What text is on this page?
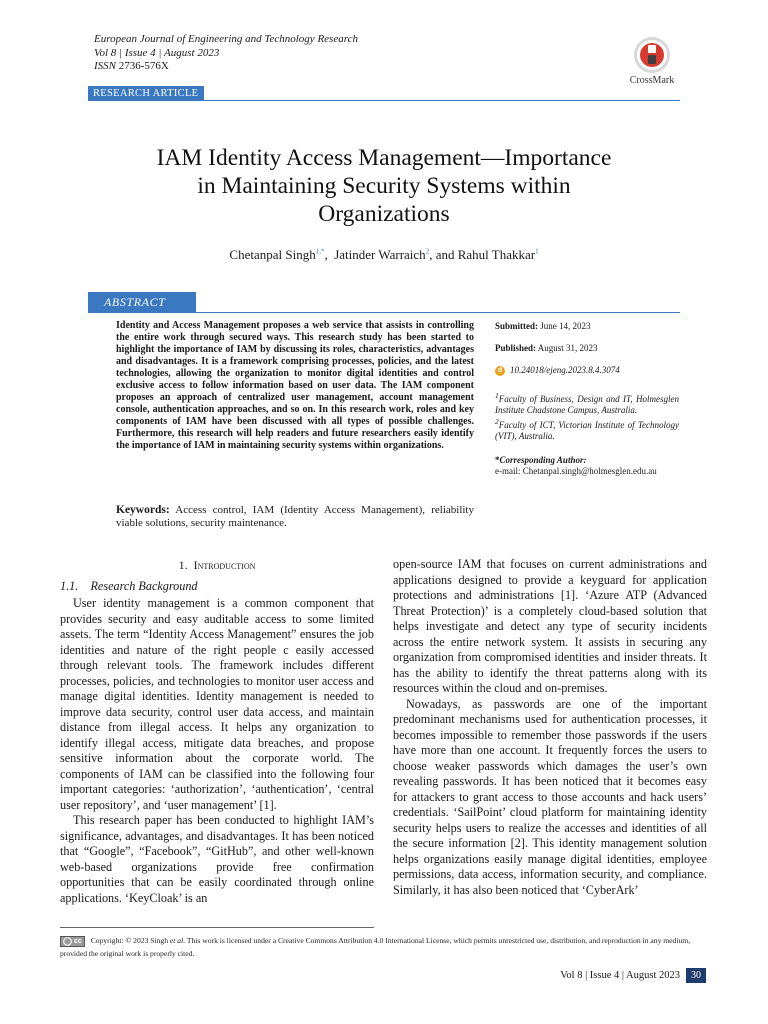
European Journal of Engineering and Technology Research
Vol 8 | Issue 4 | August 2023
ISSN 2736-576X
CrossMark
RESEARCH ARTICLE
IAM Identity Access Management—Importance
in Maintaining Security Systems within
Organizations
Chetanpal Singh$^{1,*}$,  Jatinder Warraich$^2$, and Rahul Thakkar$^1$
ABSTRACT
Identity and Access Management proposes a web service that assists in controlling the entire work through secured ways. This research study has been started to highlight the importance of IAM by discussing its roles, characteristics, advantages and disadvantages. It is a framework comprising processes, policies, and the latest technologies, allowing the organization to monitor digital identities and control exclusive access to follow information based on user data. The IAM component proposes an approach of centralized user management, account management console, authentication approaches, and so on. In this research work, roles and key components of IAM have been discussed with all types of possible challenges. Furthermore, this research will help readers and future researchers easily identify the importance of IAM in maintaining security systems within organizations.
Keywords: Access control, IAM (Identity Access Management), reliability viable solutions, security maintenance.
Submitted: June 14, 2023
Published: August 31, 2023
d 10.24018/ejeng.2023.8.4.3074
$^1$Faculty of Business, Design and IT, Holmesglen Institute Chadstone Campus, Australia.
$^2$Faculty of ICT, Victorian Institute of Technology (VIT), Australia.
*Corresponding Author:
e-mail: Chetanpal.singh@holmesglen.edu.au
1. Introduction
1.1. Research Background

User identity management is a common component that provides security and easy auditable access to some limited assets. The term “Identity Access Management” ensures the job identities and nature of the right people c easily accessed through relevant tools. The framework includes different processes, policies, and technologies to monitor user access and manage digital identities. Identity management is needed to improve data security, control user data access, and maintain distance from illegal access. It helps any organization to identify illegal access, mitigate data breaches, and propose sensitive information about the corporate world. The components of IAM can be classified into the following four important categories: ‘authorization’, ‘authentication’, ‘central user repository’, and ‘user management’ [1].

This research paper has been conducted to highlight IAM’s significance, advantages, and disadvantages. It has been noticed that “Google”, “Facebook”, “GitHub”, and other well-known web-based organizations provide free confirmation opportunities that can be easily coordinated through online applications. ‘KeyCloak’ is an

open-source IAM that focuses on current administrations and applications designed to provide a keyguard for application protections and administrations [1]. ‘Azure ATP (Advanced Threat Protection)’ is a completely cloud-based solution that helps investigate and detect any type of security incidents across the entire network system. It assists in securing any organization from compromised identities and insider threats. It has the ability to identify the threat patterns along with its resources within the cloud and on-premises.

Nowadays, as passwords are one of the important predominant mechanisms used for authentication processes, it becomes impossible to remember those passwords if the users have more than one account. It frequently forces the users to choose weaker passwords which damages the user’s own revealing passwords. It has been noticed that it becomes easy for attackers to grant access to those accounts and hack users’ credentials. ‘SailPoint’ cloud platform for maintaining identity security helps users to realize the accesses and identities of all the secure information [2]. This identity management solution helps organizations easily manage digital identities, employee permissions, data access, information security, and compliance. Similarly, it has also been noticed that ‘CyberArk’

cc Copyright: © 2023 Singh et al. This work is licensed under a Creative Commons Attribution 4.0 International License, which permits unrestricted use, distribution, and reproduction in any medium, provided the original work is properly cited.
Vol 8 | Issue 4 | August 2023	30
